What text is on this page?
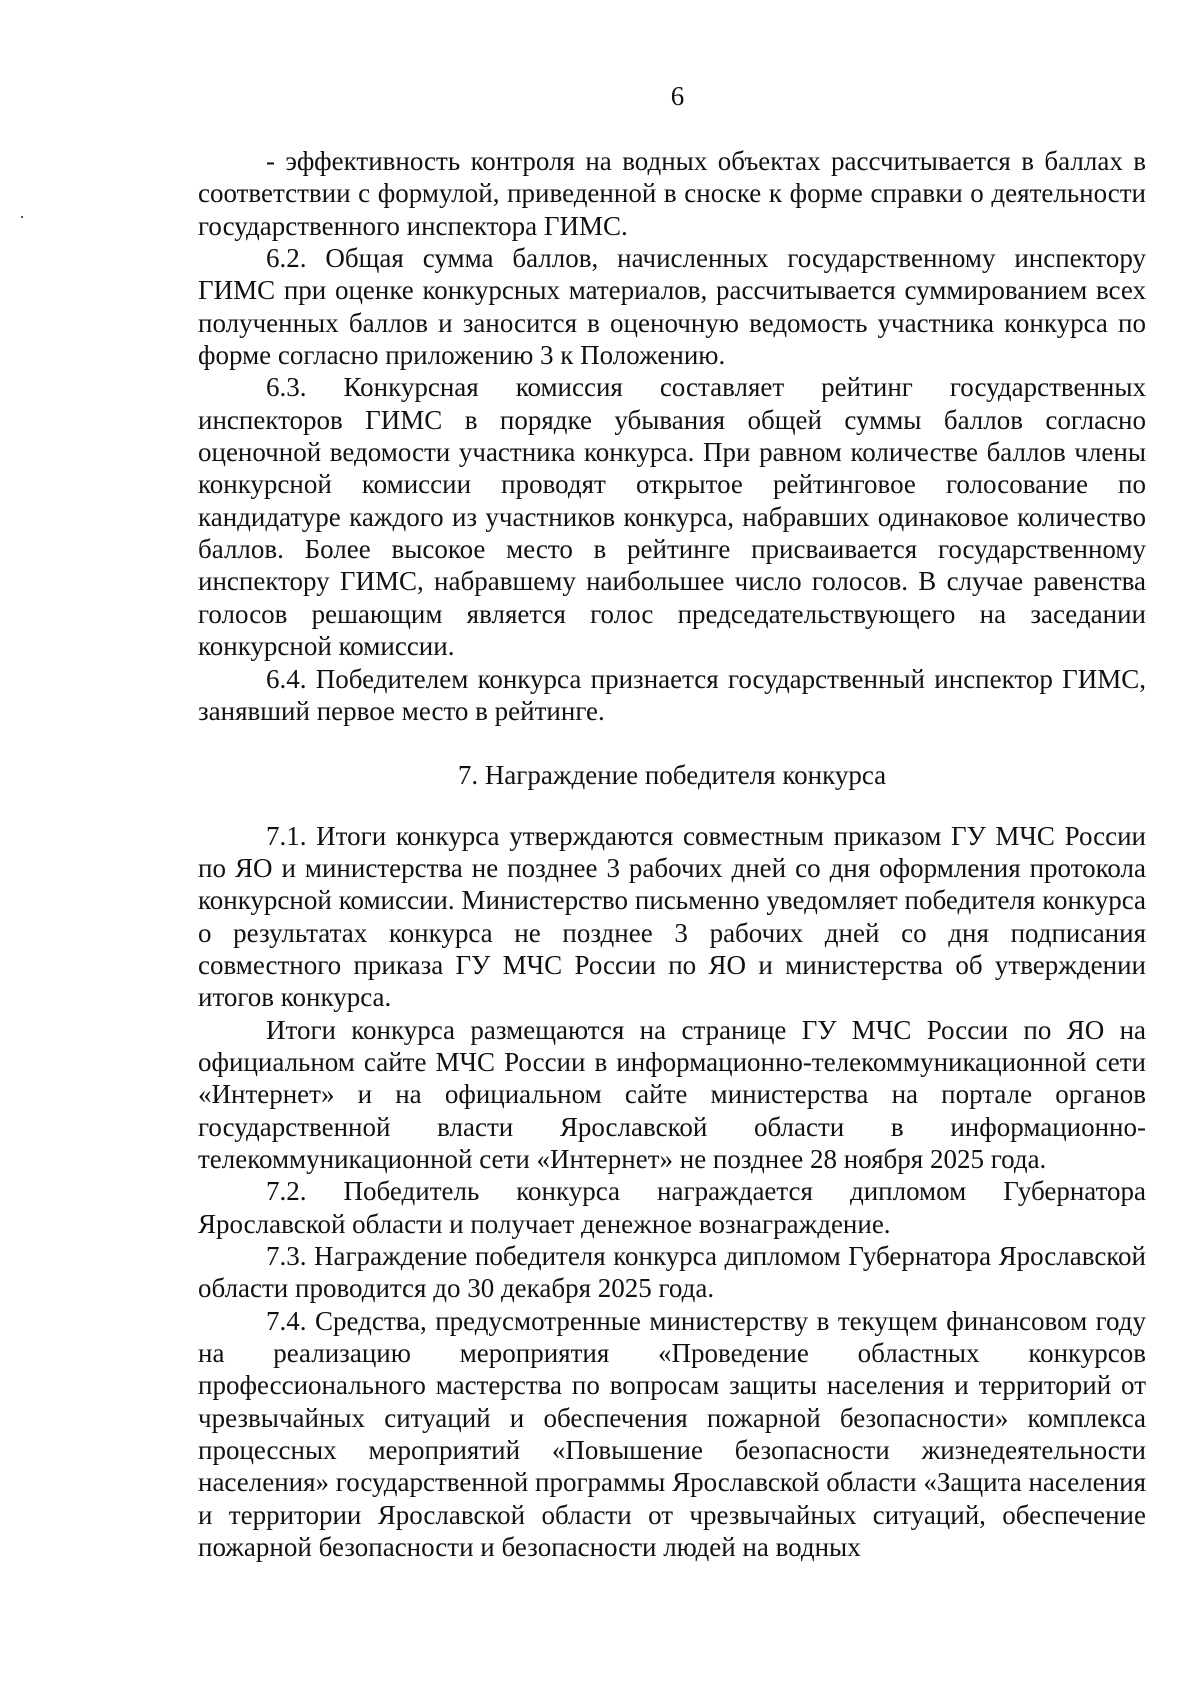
6

- эффективность контроля на водных объектах рассчитывается в баллах в соответствии с формулой, приведенной в сноске к форме справки о деятельности государственного инспектора ГИМС.

6.2. Общая сумма баллов, начисленных государственному инспектору ГИМС при оценке конкурсных материалов, рассчитывается суммированием всех полученных баллов и заносится в оценочную ведомость участника конкурса по форме согласно приложению 3 к Положению.

6.3. Конкурсная комиссия составляет рейтинг государственных инспекторов ГИМС в порядке убывания общей суммы баллов согласно оценочной ведомости участника конкурса. При равном количестве баллов члены конкурсной комиссии проводят открытое рейтинговое голосование по кандидатуре каждого из участников конкурса, набравших одинаковое количество баллов. Более высокое место в рейтинге присваивается государственному инспектору ГИМС, набравшему наибольшее число голосов. В случае равенства голосов решающим является голос председательствующего на заседании конкурсной комиссии.

6.4. Победителем конкурса признается государственный инспектор ГИМС, занявший первое место в рейтинге.

7. Награждение победителя конкурса

7.1. Итоги конкурса утверждаются совместным приказом ГУ МЧС России по ЯО и министерства не позднее 3 рабочих дней со дня оформления протокола конкурсной комиссии. Министерство письменно уведомляет победителя конкурса о результатах конкурса не позднее 3 рабочих дней со дня подписания совместного приказа ГУ МЧС России по ЯО и министерства об утверждении итогов конкурса.

Итоги конкурса размещаются на странице ГУ МЧС России по ЯО на официальном сайте МЧС России в информационно-телекоммуникационной сети «Интернет» и на официальном сайте министерства на портале органов государственной власти Ярославской области в информационно-телекоммуникационной сети «Интернет» не позднее 28 ноября 2025 года.

7.2. Победитель конкурса награждается дипломом Губернатора Ярославской области и получает денежное вознаграждение.

7.3. Награждение победителя конкурса дипломом Губернатора Ярославской области проводится до 30 декабря 2025 года.

7.4. Средства, предусмотренные министерству в текущем финансовом году на реализацию мероприятия «Проведение областных конкурсов профессионального мастерства по вопросам защиты населения и территорий от чрезвычайных ситуаций и обеспечения пожарной безопасности» комплекса процессных мероприятий «Повышение безопасности жизнедеятельности населения» государственной программы Ярославской области «Защита населения и территории Ярославской области от чрезвычайных ситуаций, обеспечение пожарной безопасности и безопасности людей на водных
